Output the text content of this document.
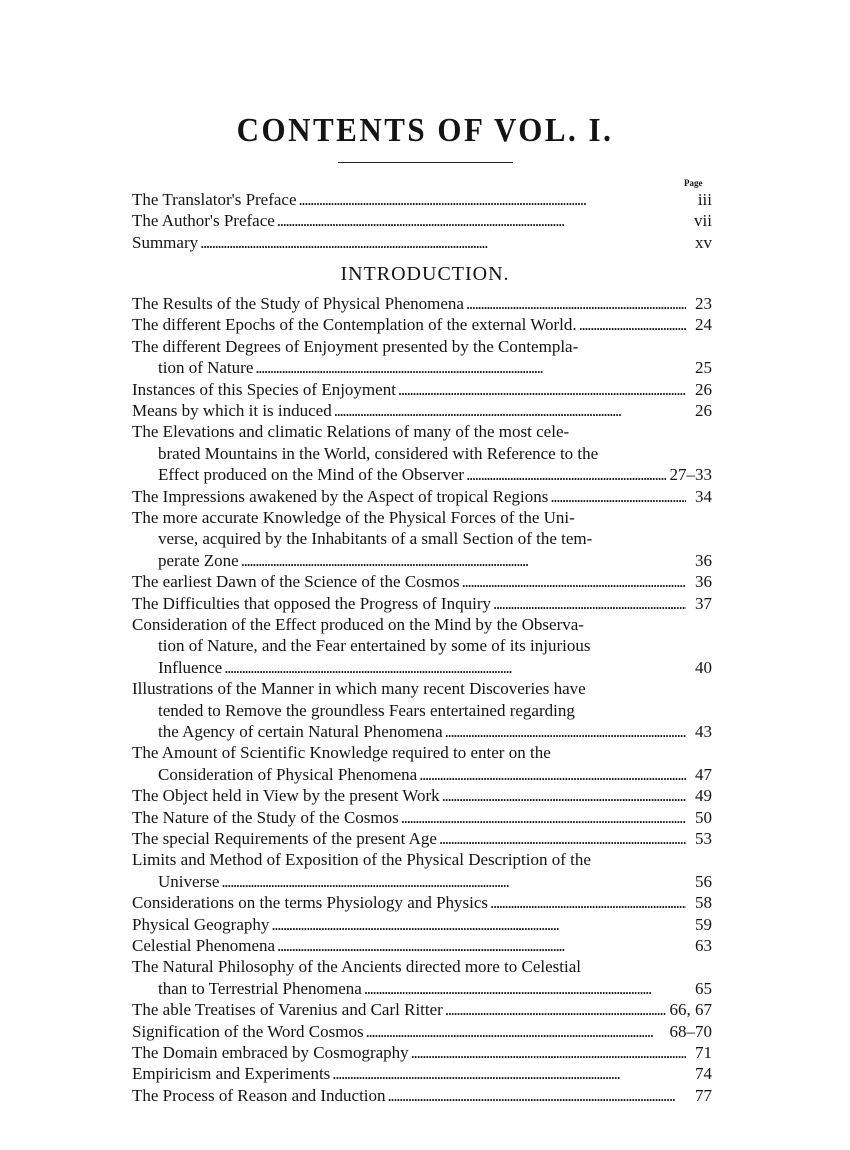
CONTENTS OF VOL. I.
Page
INTRODUCTION.
The Translator's Preface . . .	iii
The Author's Preface . . .	vii
Summary . . .	xv
The Results of the Study of Physical Phenomena . . .	23
The different Epochs of the Contemplation of the external World. . . .	24
The different Degrees of Enjoyment presented by the Contempla-
tion of Nature . . .	25
Instances of this Species of Enjoyment . . .	26
Means by which it is induced . . .	26
The Elevations and climatic Relations of many of the most cele-
brated Mountains in the World, considered with Reference to the
Effect produced on the Mind of the Observer . . .	27–33
The Impressions awakened by the Aspect of tropical Regions . . .	34
The more accurate Knowledge of the Physical Forces of the Uni-
verse, acquired by the Inhabitants of a small Section of the tem-
perate Zone . . .	36
The earliest Dawn of the Science of the Cosmos . . .	36
The Difficulties that opposed the Progress of Inquiry . . .	37
Consideration of the Effect produced on the Mind by the Observa-
tion of Nature, and the Fear entertained by some of its injurious
Influence . . .	40
Illustrations of the Manner in which many recent Discoveries have
tended to Remove the groundless Fears entertained regarding
the Agency of certain Natural Phenomena . . .	43
The Amount of Scientific Knowledge required to enter on the
Consideration of Physical Phenomena . . .	47
The Object held in View by the present Work . . .	49
The Nature of the Study of the Cosmos . . .	50
The special Requirements of the present Age . . .	53
Limits and Method of Exposition of the Physical Description of the
Universe . . .	56
Considerations on the terms Physiology and Physics . . .	58
Physical Geography . . .	59
Celestial Phenomena . . .	63
The Natural Philosophy of the Ancients directed more to Celestial
than to Terrestrial Phenomena . . .	65
The able Treatises of Varenius and Carl Ritter . . .	66, 67
Signification of the Word Cosmos . . .	68–70
The Domain embraced by Cosmography . . .	71
Empiricism and Experiments . . .	74
The Process of Reason and Induction . . .	77
